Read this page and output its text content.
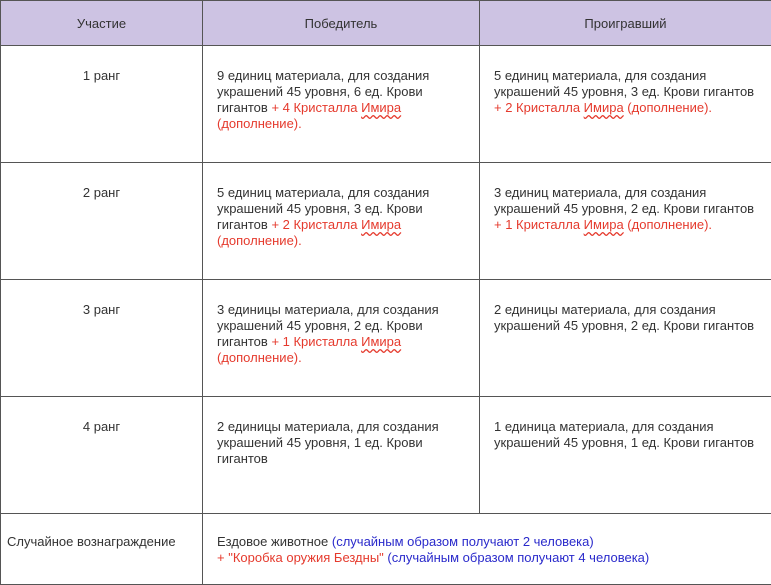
Участие	Победитель	Проигравший
1 ранг	9 единиц материала, для создания украшений 45 уровня, 6 ед. Крови гигантов + 4 Кристалла Имира (дополнение).	5 единиц материала, для создания украшений 45 уровня, 3 ед. Крови гигантов + 2 Кристалла Имира (дополнение).
2 ранг	5 единиц материала, для создания украшений 45 уровня, 3 ед. Крови гигантов + 2 Кристалла Имира (дополнение).	3 единиц материала, для создания украшений 45 уровня, 2 ед. Крови гигантов + 1 Кристалла Имира (дополнение).
3 ранг	3 единицы материала, для создания украшений 45 уровня, 2 ед. Крови гигантов + 1 Кристалла Имира (дополнение).	2 единицы материала, для создания украшений 45 уровня, 2 ед. Крови гигантов
4 ранг	2 единицы материала, для создания украшений 45 уровня, 1 ед. Крови гигантов	1 единица материала, для создания украшений 45 уровня, 1 ед. Крови гигантов
Случайное вознаграждение	Ездовое животное (случайным образом получают 2 человека)
+ "Коробка оружия Бездны" (случайным образом получают 4 человека)	
